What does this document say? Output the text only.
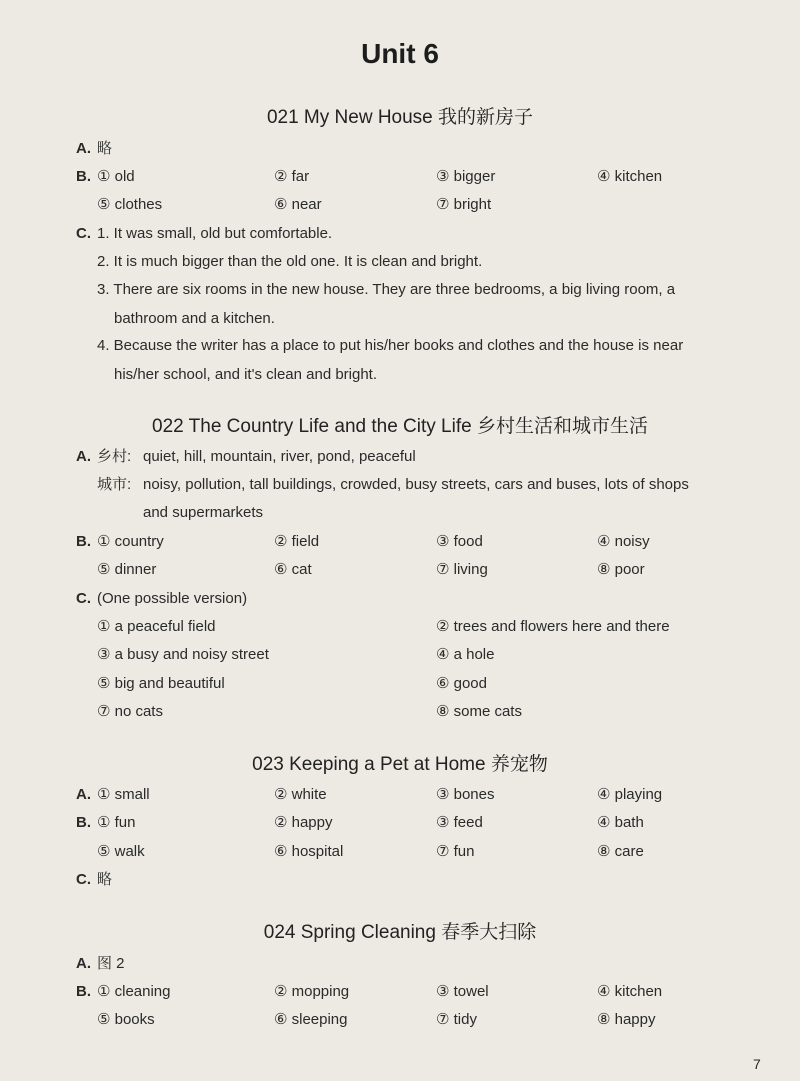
Unit 6
021 My New House 我的新房子
A. 略
B. ① old	② far	③ bigger	④ kitchen
⑤ clothes	⑥ near	⑦ bright
C. 1. It was small, old but comfortable.
2. It is much bigger than the old one. It is clean and bright.
3. There are six rooms in the new house. They are three bedrooms, a big living room, a
bathroom and a kitchen.
4. Because the writer has a place to put his/her books and clothes and the house is near
his/her school, and it's clean and bright.
022 The Country Life and the City Life 乡村生活和城市生活
A. 乡村: quiet, hill, mountain, river, pond, peaceful
城市: noisy, pollution, tall buildings, crowded, busy streets, cars and buses, lots of shops
and supermarkets
B. ① country	② field	③ food	④ noisy
⑤ dinner	⑥ cat	⑦ living	⑧ poor
C. (One possible version)
① a peaceful field	② trees and flowers here and there
③ a busy and noisy street	④ a hole
⑤ big and beautiful	⑥ good
⑦ no cats	⑧ some cats
023 Keeping a Pet at Home 养宠物
A. ① small	② white	③ bones	④ playing
B. ① fun	② happy	③ feed	④ bath
⑤ walk	⑥ hospital	⑦ fun	⑧ care
C. 略
024 Spring Cleaning 春季大扫除
A. 图 2
B. ① cleaning	② mopping	③ towel	④ kitchen
⑤ books	⑥ sleeping	⑦ tidy	⑧ happy
7
